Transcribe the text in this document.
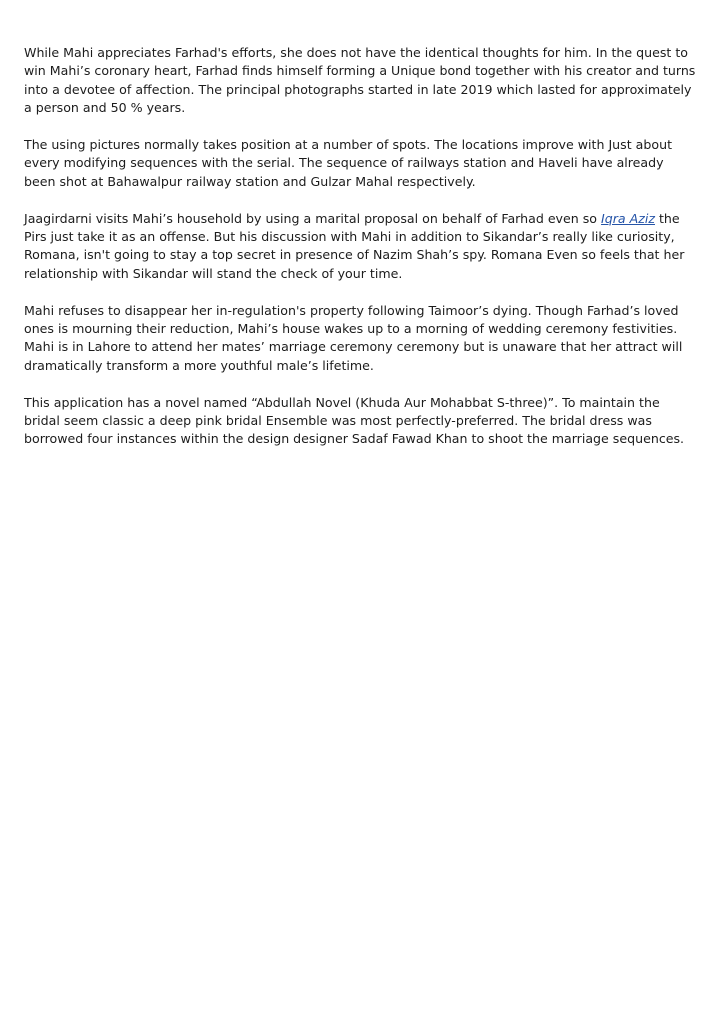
While Mahi appreciates Farhad's efforts, she does not have the identical thoughts for him. In the quest to win Mahi’s coronary heart, Farhad finds himself forming a Unique bond together with his creator and turns into a devotee of affection. The principal photographs started in late 2019 which lasted for approximately a person and 50 % years.

The using pictures normally takes position at a number of spots. The locations improve with Just about every modifying sequences with the serial. The sequence of railways station and Haveli have already been shot at Bahawalpur railway station and Gulzar Mahal respectively.

Jaagirdarni visits Mahi’s household by using a marital proposal on behalf of Farhad even so Iqra Aziz the Pirs just take it as an offense. But his discussion with Mahi in addition to Sikandar’s really like curiosity, Romana, isn't going to stay a top secret in presence of Nazim Shah’s spy. Romana Even so feels that her relationship with Sikandar will stand the check of your time.

Mahi refuses to disappear her in-regulation's property following Taimoor’s dying. Though Farhad’s loved ones is mourning their reduction, Mahi’s house wakes up to a morning of wedding ceremony festivities. Mahi is in Lahore to attend her mates’ marriage ceremony ceremony but is unaware that her attract will dramatically transform a more youthful male’s lifetime.

This application has a novel named “Abdullah Novel (Khuda Aur Mohabbat S-three)”. To maintain the bridal seem classic a deep pink bridal Ensemble was most perfectly-preferred. The bridal dress was borrowed four instances within the design designer Sadaf Fawad Khan to shoot the marriage sequences.
